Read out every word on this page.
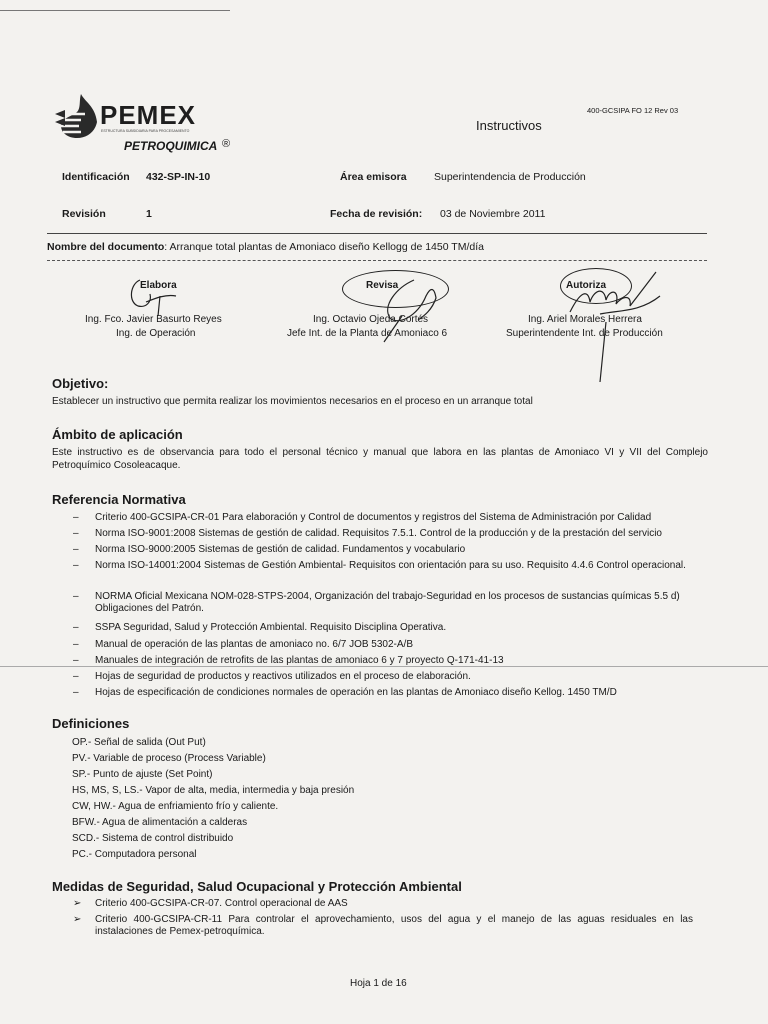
PEMEX
ESTRUCTURA SUBSIDIARIA PARA PROCESAMIENTO
PETROQUIMICA ®
Instructivos
400-GCSIPA FO 12 Rev 03
Identificación 432-SP-IN-10	Área emisora	Superintendencia de Producción
Revisión	1	Fecha de revisión: 03 de Noviembre 2011
Nombre del documento: Arranque total plantas de Amoniaco diseño Kellogg de 1450 TM/día
Elabora
Ing. Fco. Javier Basurto Reyes
Ing. de Operación
Revisa
Ing. Octavio Ojeda Cortés
Jefe Int. de la Planta de Amoniaco 6
Autoriza
Ing. Ariel Morales Herrera
Superintendente Int. de Producción
Objetivo:
Establecer un instructivo que permita realizar los movimientos necesarios en el proceso en un arranque total
Ámbito de aplicación
Este instructivo es de observancia para todo el personal técnico y manual que labora en las plantas de Amoniaco VI y VII del Complejo Petroquímico Cosoleacaque.
Referencia Normativa
– Criterio 400-GCSIPA-CR-01 Para elaboración y Control de documentos y registros del Sistema de Administración por Calidad
– Norma ISO-9001:2008 Sistemas de gestión de calidad. Requisitos 7.5.1. Control de la producción y de la prestación del servicio
– Norma ISO-9000:2005 Sistemas de gestión de calidad. Fundamentos y vocabulario
– Norma ISO-14001:2004 Sistemas de Gestión Ambiental- Requisitos con orientación para su uso. Requisito 4.4.6 Control operacional.
– NORMA Oficial Mexicana NOM-028-STPS-2004, Organización del trabajo-Seguridad en los procesos de sustancias químicas 5.5 d) Obligaciones del Patrón.
– SSPA Seguridad, Salud y Protección Ambiental. Requisito Disciplina Operativa.
– Manual de operación de las plantas de amoniaco no. 6/7 JOB 5302-A/B
– Manuales de integración de retrofits de las plantas de amoniaco 6 y 7 proyecto Q-171-41-13
– Hojas de seguridad de productos y reactivos utilizados en el proceso de elaboración.
– Hojas de especificación de condiciones normales de operación en las plantas de Amoniaco diseño Kellog. 1450 TM/D
Definiciones
OP.- Señal de salida (Out Put)
PV.- Variable de proceso (Process Variable)
SP.- Punto de ajuste (Set Point)
HS, MS, S, LS.- Vapor de alta, media, intermedia y baja presión
CW, HW.- Agua de enfriamiento frío y caliente.
BFW.- Agua de alimentación a calderas
SCD.- Sistema de control distribuido
PC.- Computadora personal
Medidas de Seguridad, Salud Ocupacional y Protección Ambiental
➢ Criterio 400-GCSIPA-CR-07. Control operacional de AAS
➢ Criterio 400-GCSIPA-CR-11 Para controlar el aprovechamiento, usos del agua y el manejo de las aguas residuales en las instalaciones de Pemex-petroquímica.
Hoja 1 de 16
